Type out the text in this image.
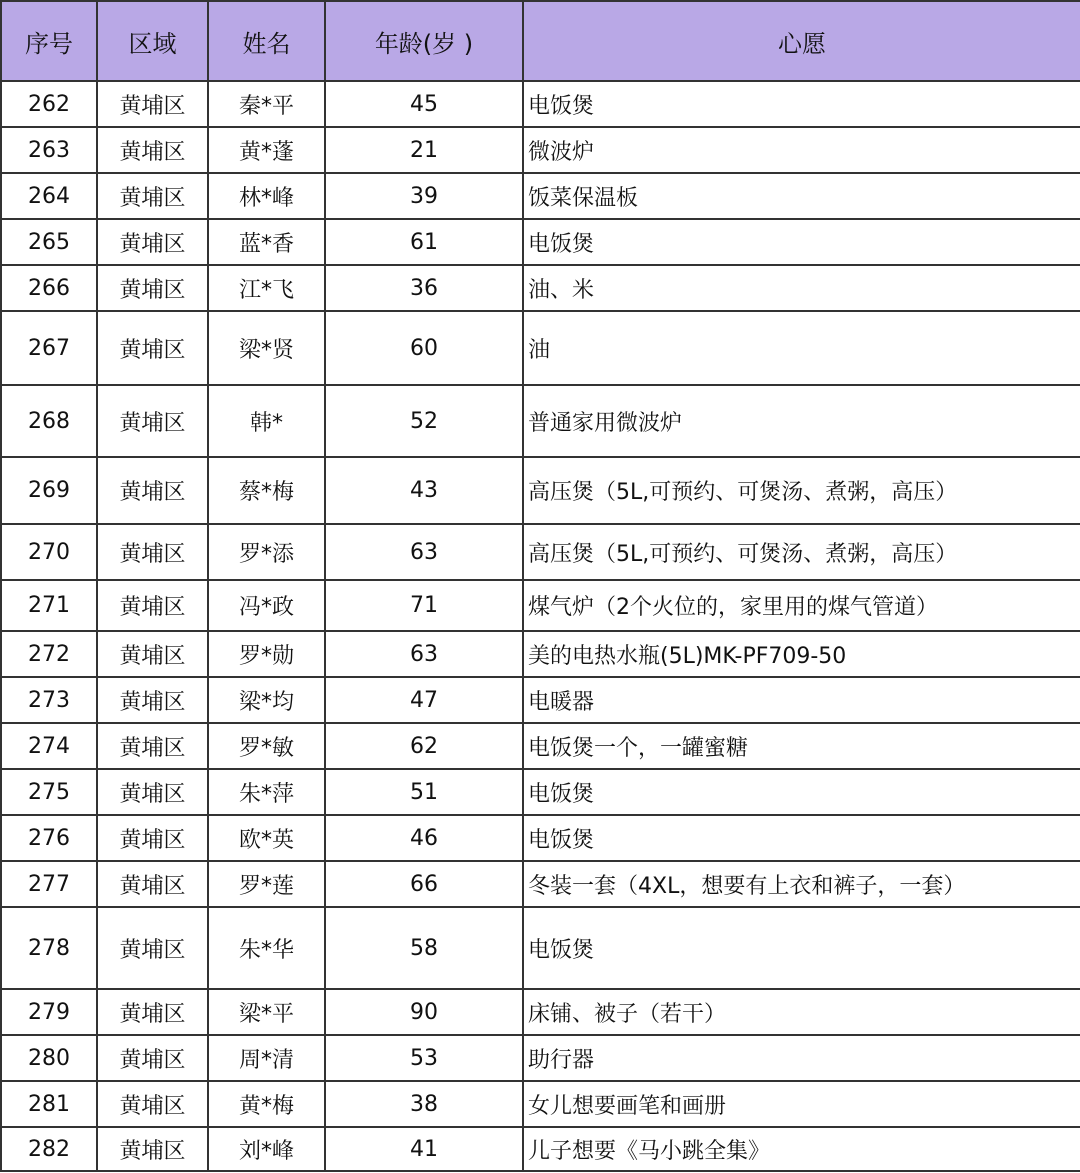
序号	区域	姓名	年龄(岁 )	心愿
262	黄埔区	秦*平	45	电饭煲
263	黄埔区	黄*蓬	21	微波炉
264	黄埔区	林*峰	39	饭菜保温板
265	黄埔区	蓝*香	61	电饭煲
266	黄埔区	江*飞	36	油、米
267	黄埔区	梁*贤	60	油
268	黄埔区	韩*	52	普通家用微波炉
269	黄埔区	蔡*梅	43	高压煲（5L,可预约、可煲汤、煮粥，高压）
270	黄埔区	罗*添	63	高压煲（5L,可预约、可煲汤、煮粥，高压）
271	黄埔区	冯*政	71	煤气炉（2个火位的，家里用的煤气管道）
272	黄埔区	罗*勋	63	美的电热水瓶(5L)MK-PF709-50
273	黄埔区	梁*均	47	电暖器
274	黄埔区	罗*敏	62	电饭煲一个，一罐蜜糖
275	黄埔区	朱*萍	51	电饭煲
276	黄埔区	欧*英	46	电饭煲
277	黄埔区	罗*莲	66	冬装一套（4XL，想要有上衣和裤子，一套）
278	黄埔区	朱*华	58	电饭煲
279	黄埔区	梁*平	90	床铺、被子（若干）
280	黄埔区	周*清	53	助行器
281	黄埔区	黄*梅	38	女儿想要画笔和画册
282	黄埔区	刘*峰	41	儿子想要《马小跳全集》
